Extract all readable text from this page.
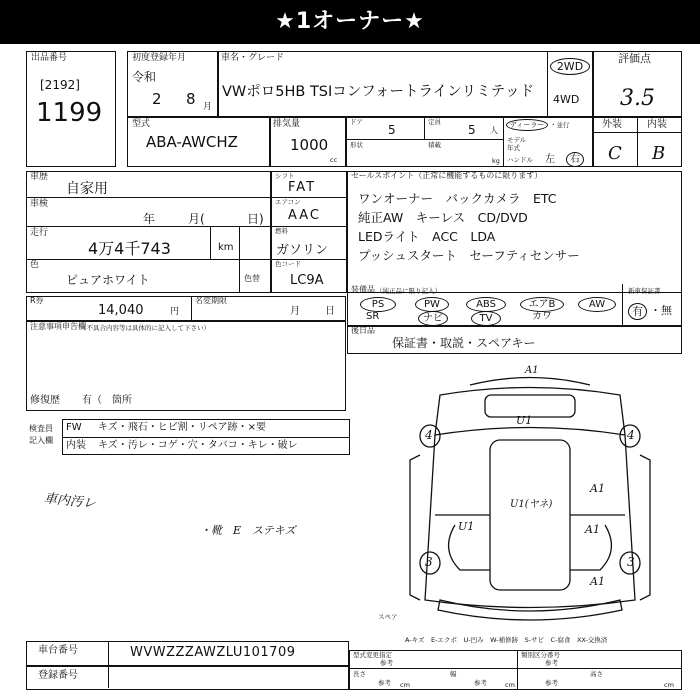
★1オーナー★
出品番号
[2192]
1199
初度登録年月
令和
2 8 月
車名・グレード
VWポロ5HB TSIコンフォートラインリミテッド
2WD
4WD
評価点
3.5
型式
ABA-AWCHZ
排気量
1000
cc
ドア
5
定員
5 人
形状	積載
kg
ディーラー ・並行
モデル年式
ハンドル 左	右
外装	内装
C B
車歴
自家用
車検
年	月(	日)
走行
4万4千743	km
色
ピュアホワイト	色替
シフト
FAT
エアコン
AAC
燃料
ガソリン
色コード
LC9A
セールスポイント（正常に機能するものに限ります）
ワンオーナー　バックカメラ　ETC
純正AW　キーレス　CD/DVD
LEDライト　ACC　LDA
プッシュスタート　セーフティセンサー
R券
14,040	円
名変期限
月	日
装備品 （純正品に限り記入）
PS	PW	ABS	エアB	AW
SR	ナビ	TV	カワ
新車保証書
有 ・無
注意事項申告欄
（不具合内容等は具体的に記入して下さい）
修復歴 有（　箇所
後日品
保証書・取説・スペアキー
検査員記入欄
FW キズ・飛石・ヒビ割・リペア跡・×要
内装 キズ・汚レ・コゲ・穴・タバコ・キレ・破レ
車内汚レ
・靴　E　ステキズ
A1
U1
U1(ヤネ)
A1
U1	A1
A1
4	4
3	3
スペア
A-キズ　E-エクボ　U-凹み　W-補修跡　S-サビ　C-腐食　XX-交換済
車台番号	WVWZZZAWZLU101709
登録番号
型式変更指定
参考
類別区分番号
参考
長さ
参考 cm
幅
参考	cm
高さ
参考	cm
